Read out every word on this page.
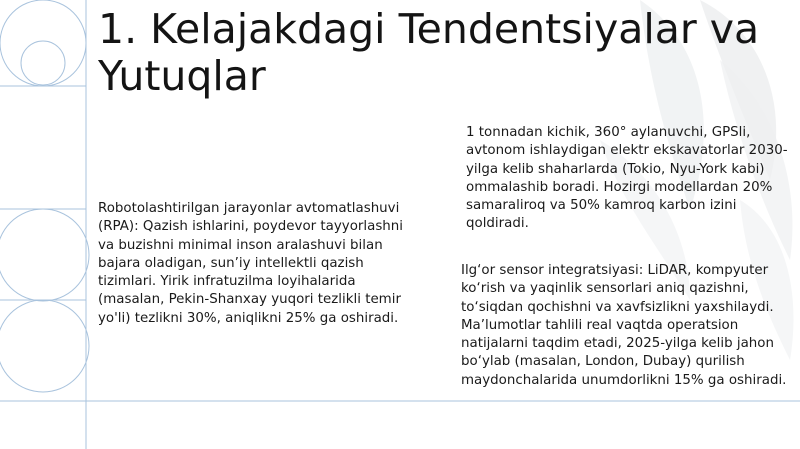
1. Kelajakdagi Tendentsiyalar va Yutuqlar

Robotolashtirilgan jarayonlar avtomatlashuvi (RPA): Qazish ishlarini, poydevor tayyorlashni va buzishni minimal inson aralashuvi bilan bajara oladigan, sun’iy intellektli qazish tizimlari. Yirik infratuzilma loyihalarida (masalan, Pekin-Shanxay yuqori tezlikli temir yo'li) tezlikni 30%, aniqlikni 25% ga oshiradi.

1 tonnadan kichik, 360° aylanuvchi, GPSli, avtonom ishlaydigan elektr ekskavatorlar 2030-yilga kelib shaharlarda (Tokio, Nyu-York kabi) ommalashib boradi. Hozirgi modellardan 20% samaraliroq va 50% kamroq karbon izini qoldiradi.

Ilg‘or sensor integratsiyasi: LiDAR, kompyuter ko‘rish va yaqinlik sensorlari aniq qazishni, to‘siqdan qochishni va xavfsizlikni yaxshilaydi. Ma’lumotlar tahlili real vaqtda operatsion natijalarni taqdim etadi, 2025-yilga kelib jahon bo‘ylab (masalan, London, Dubay) qurilish maydonchalarida unumdorlikni 15% ga oshiradi.
